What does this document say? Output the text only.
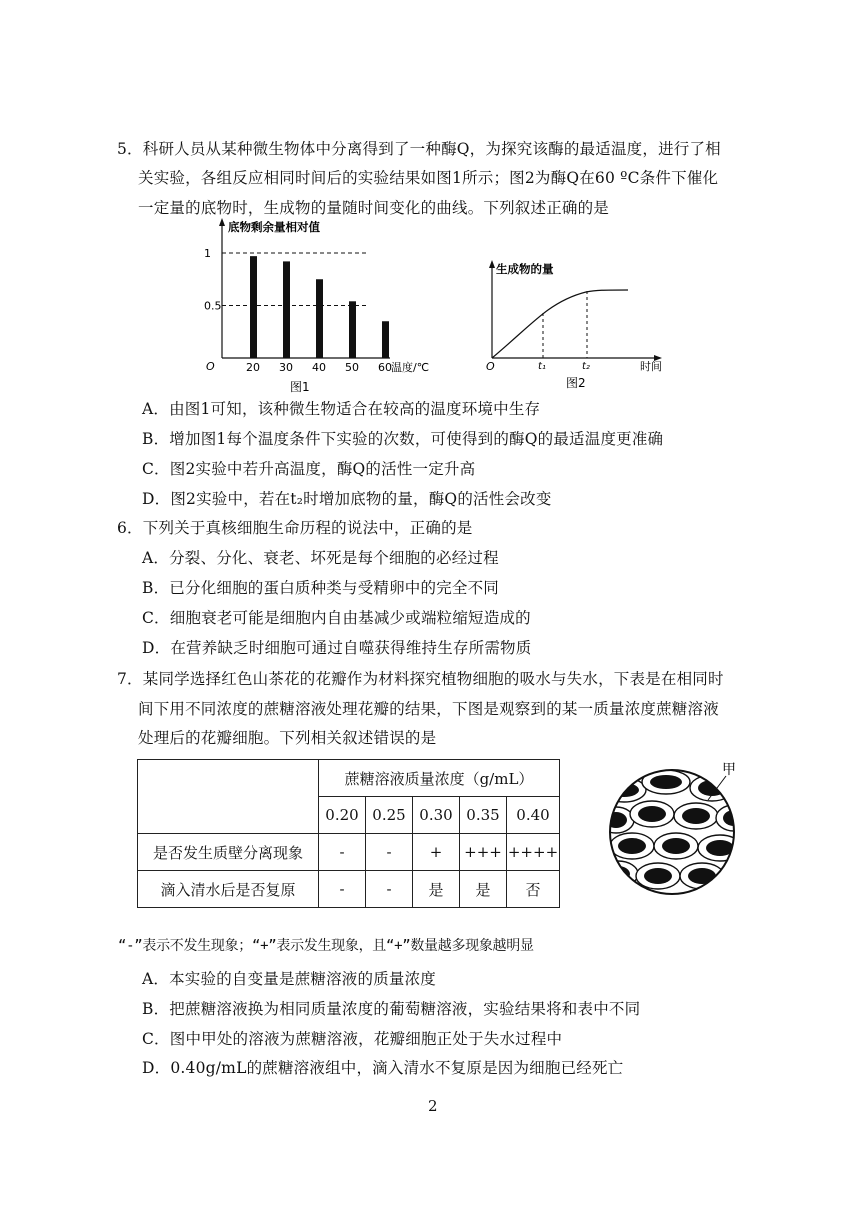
5．科研人员从某种微生物体中分离得到了一种酶Q，为探究该酶的最适温度，进行了相
关实验，各组反应相同时间后的实验结果如图1所示；图2为酶Q在60 ºC条件下催化
一定量的底物时，生成物的量随时间变化的曲线。下列叙述正确的是
底物剩余量相对值
O	温度/℃
图1
1
0.5
20 30 40 50 60
生成物的量
O	时间
t₁	t₂
图2
A．由图1可知，该种微生物适合在较高的温度环境中生存
B．增加图1每个温度条件下实验的次数，可使得到的酶Q的最适温度更准确
C．图2实验中若升高温度，酶Q的活性一定升高
D．图2实验中，若在t₂时增加底物的量，酶Q的活性会改变
6．下列关于真核细胞生命历程的说法中，正确的是
A．分裂、分化、衰老、坏死是每个细胞的必经过程
B．已分化细胞的蛋白质种类与受精卵中的完全不同
C．细胞衰老可能是细胞内自由基减少或端粒缩短造成的
D．在营养缺乏时细胞可通过自噬获得维持生存所需物质
7．某同学选择红色山茶花的花瓣作为材料探究植物细胞的吸水与失水，下表是在相同时
间下用不同浓度的蔗糖溶液处理花瓣的结果，下图是观察到的某一质量浓度蔗糖溶液
处理后的花瓣细胞。下列相关叙述错误的是
	蔗糖溶液质量浓度（g/mL）				
	0.20	0.25	0.30	0.35	0.40
是否发生质壁分离现象	-	-	+	+++	++++
滴入清水后是否复原	-	-	是	是	否
甲
“-”表示不发生现象；“+”表示发生现象，且“+”数量越多现象越明显
A．本实验的自变量是蔗糖溶液的质量浓度
B．把蔗糖溶液换为相同质量浓度的葡萄糖溶液，实验结果将和表中不同
C．图中甲处的溶液为蔗糖溶液，花瓣细胞正处于失水过程中
D．0.40g/mL的蔗糖溶液组中，滴入清水不复原是因为细胞已经死亡
2
